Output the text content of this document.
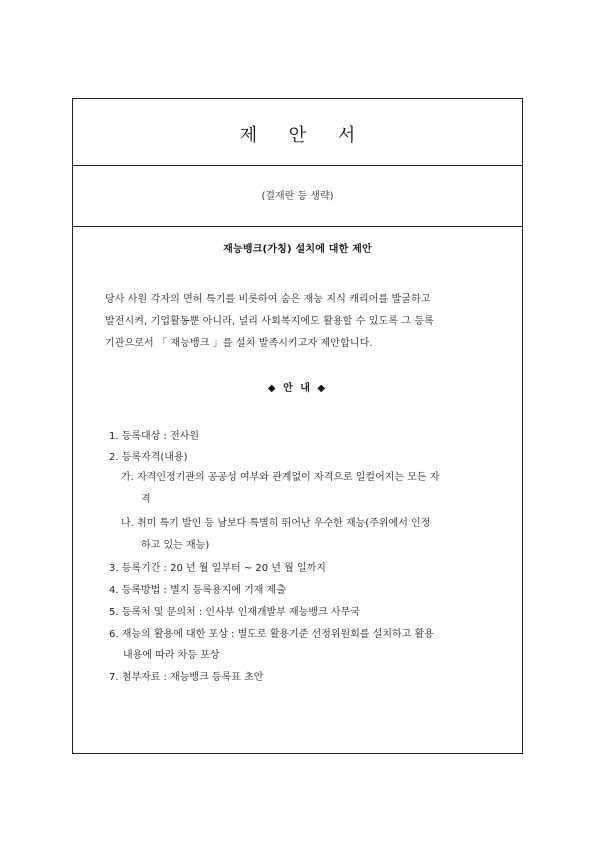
제 안 서
(결재란 등 생략)
재능뱅크(가칭) 설치에 대한 제안
당사 사원 각자의 면허 특기를 비롯하여 숨은 재능 지식 캐리어를 발굴하고
발전시켜, 기업활동뿐 아니라, 널리 사회복지에도 활용할 수 있도록 그 등록
기관으로서 「 재능뱅크 」를 설치 발족시키고자 제안합니다.
◆ 안 내 ◆
1. 등록대상 : 전사원
2. 등록자격(내용)
가. 자격인정기관의 공공성 여부와 관계없이 자격으로 일컬어지는 모든 자
격
나. 취미 특기 발인 등 남보다 특별히 뛰어난 우수한 재능(주위에서 인정
하고 있는 재능)
3. 등록기간 : 20 년 월 일부터 ~ 20 년 월 일까지
4. 등록방법 : 별지 등록용지에 기재 제출
5. 등록처 및 문의처 : 인사부 인재개발부 재능뱅크 사무국
6. 재능의 활용에 대한 포상 : 별도로 활용기준 선정위원회를 설치하고 활용
내용에 따라 차등 포상
7. 첨부자료 : 재능뱅크 등록표 초안
